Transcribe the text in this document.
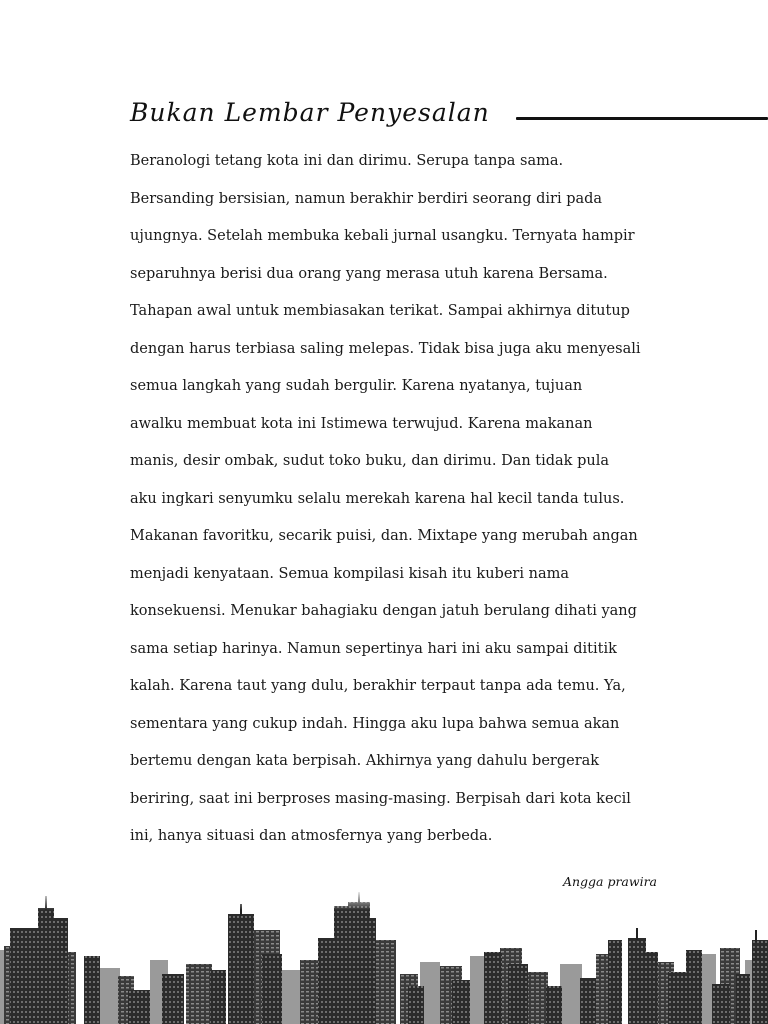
Bukan Lembar Penyesalan
Beranologi tetang kota ini dan dirimu. Serupa tanpa sama.
Bersanding bersisian, namun berakhir berdiri seorang diri pada
ujungnya. Setelah membuka kebali jurnal usangku. Ternyata hampir
separuhnya berisi dua orang yang merasa utuh karena Bersama.
Tahapan awal untuk membiasakan terikat. Sampai akhirnya ditutup
dengan harus terbiasa saling melepas. Tidak bisa juga aku menyesali
semua langkah yang sudah bergulir. Karena nyatanya, tujuan
awalku membuat kota ini Istimewa terwujud. Karena makanan
manis, desir ombak, sudut toko buku, dan dirimu. Dan tidak pula
aku ingkari senyumku selalu merekah karena hal kecil tanda tulus.
Makanan favoritku, secarik puisi, dan. Mixtape yang merubah angan
menjadi kenyataan. Semua kompilasi kisah itu kuberi nama
konsekuensi. Menukar bahagiaku dengan jatuh berulang dihati yang
sama setiap harinya. Namun sepertinya hari ini aku sampai dititik
kalah. Karena taut yang dulu, berakhir terpaut tanpa ada temu. Ya,
sementara yang cukup indah. Hingga aku lupa bahwa semua akan
bertemu dengan kata berpisah. Akhirnya yang dahulu bergerak
beriring, saat ini berproses masing-masing. Berpisah dari kota kecil
ini, hanya situasi dan atmosfernya yang berbeda.
Angga prawira
